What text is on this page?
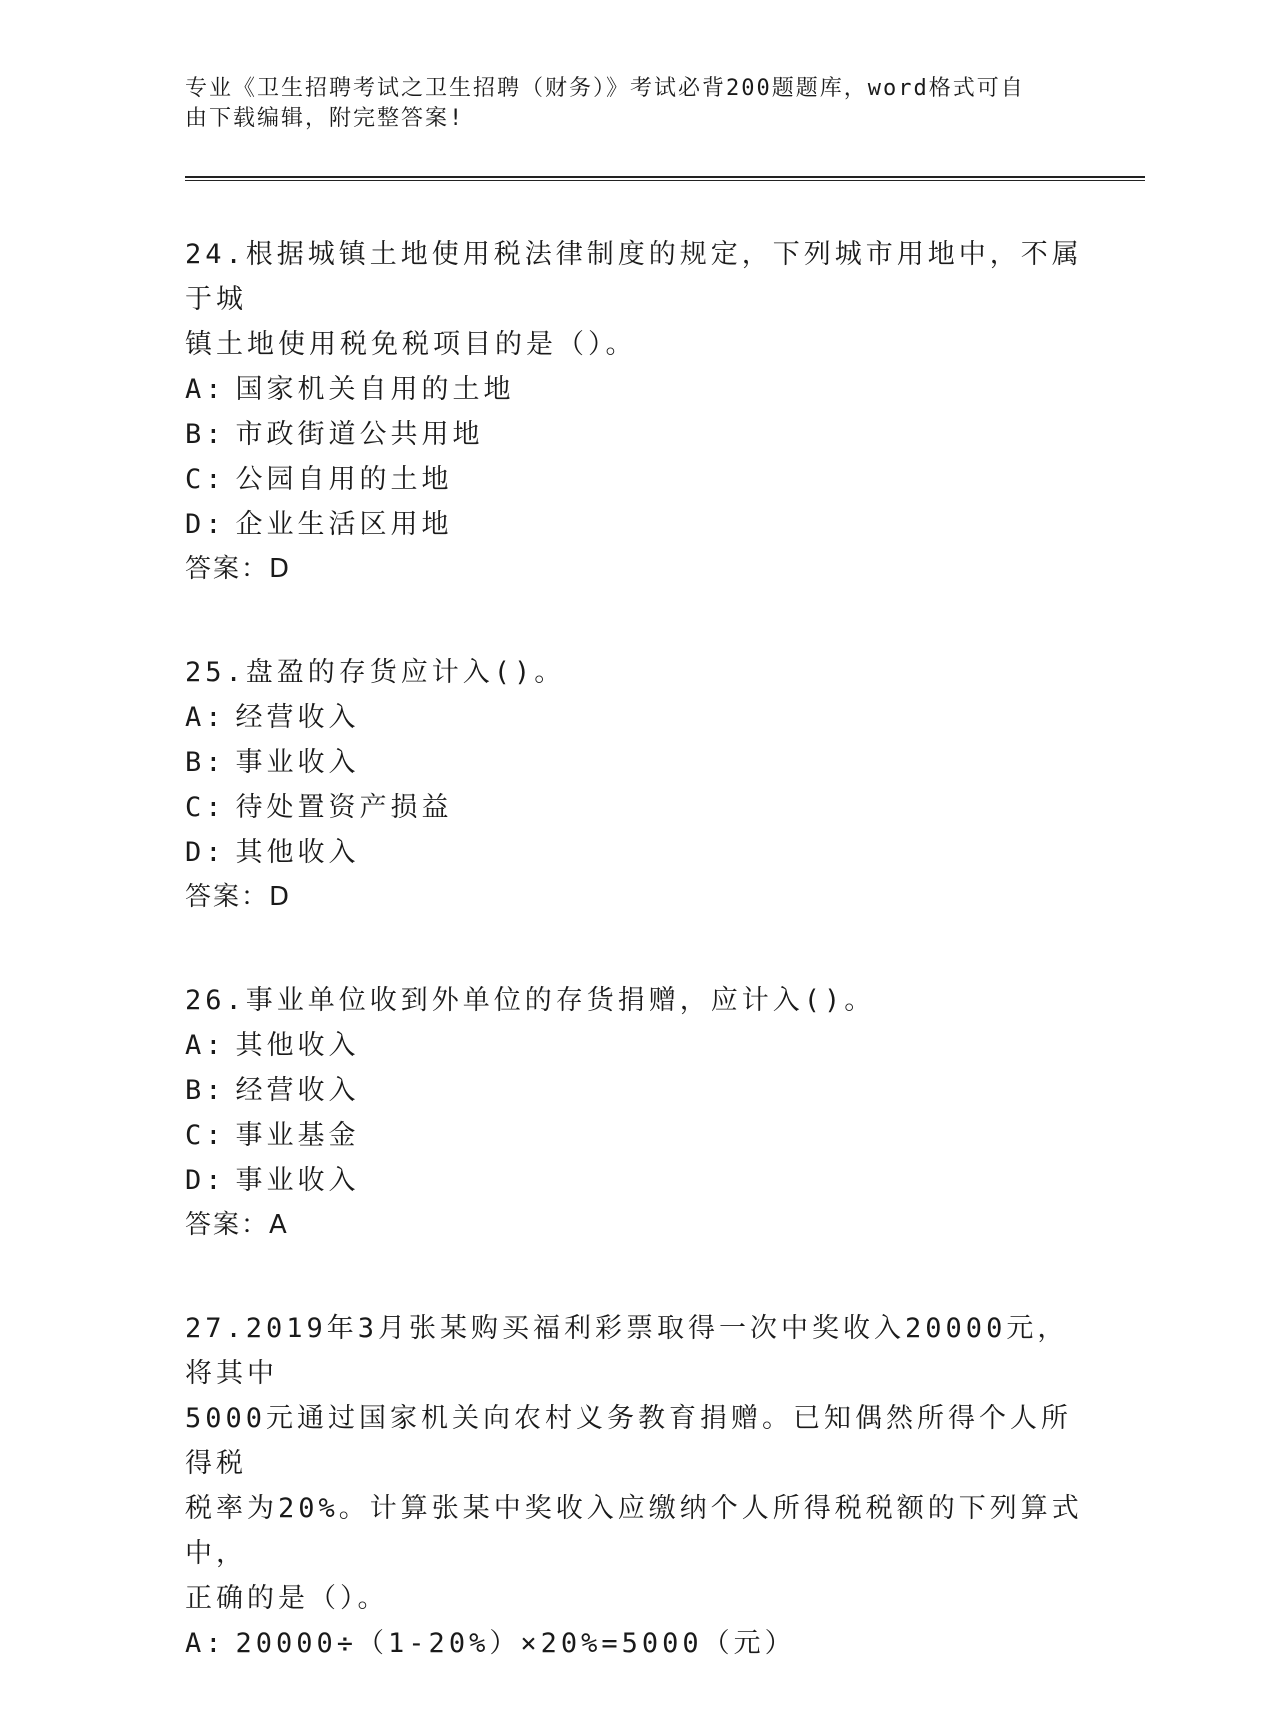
专业《卫生招聘考试之卫生招聘（财务）》考试必背200题题库，word格式可自
由下载编辑，附完整答案!

24.根据城镇土地使用税法律制度的规定，下列城市用地中，不属于城
镇土地使用税免税项目的是（）。

A: 国家机关自用的土地

B: 市政街道公共用地

C: 公园自用的土地

D: 企业生活区用地

答案：D

25.盘盈的存货应计入()。

A: 经营收入

B: 事业收入

C: 待处置资产损益

D: 其他收入

答案：D

26.事业单位收到外单位的存货捐赠，应计入()。

A: 其他收入

B: 经营收入

C: 事业基金

D: 事业收入

答案：A

27.2019年3月张某购买福利彩票取得一次中奖收入20000元，将其中
5000元通过国家机关向农村义务教育捐赠。已知偶然所得个人所得税
税率为20%。计算张某中奖收入应缴纳个人所得税税额的下列算式中，
正确的是（）。

A: 20000÷（1-20%）×20%=5000（元）
